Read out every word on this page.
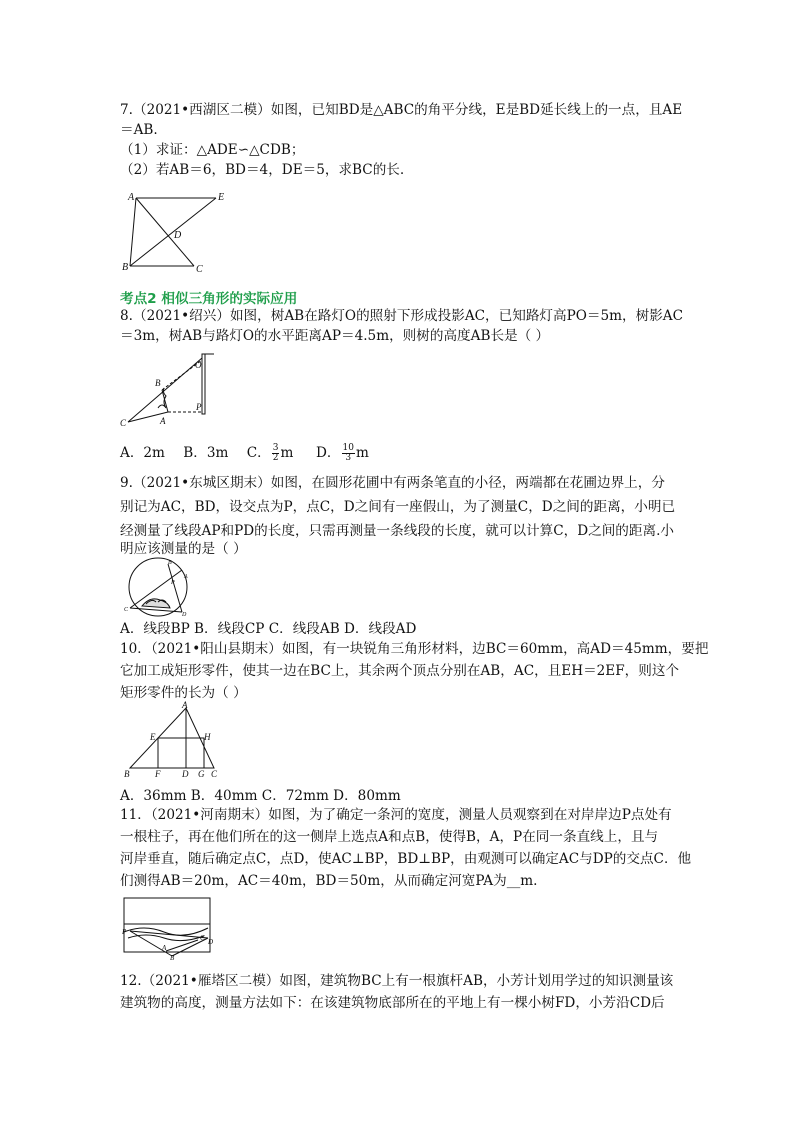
7.（2021•西湖区二模）如图，已知BD是△ABC的角平分线，E是BD延长线上的一点，且AE
＝AB.
（1）求证：△ADE∽△CDB；
（2）若AB＝6，BD＝4，DE＝5，求BC的长.
A	E
D
B	C
考点2 相似三角形的实际应用
8.（2021•绍兴）如图，树AB在路灯O的照射下形成投影AC，已知路灯高PO＝5m，树影AC
＝3m，树AB与路灯O的水平距离AP＝4.5m，则树的高度AB长是（ ）
O
B
P
C	A
A．2m B．3m C． $\frac{3}{2}$ m D． $\frac{10}{3}$ m
9.（2021•东城区期末）如图，在圆形花圃中有两条笔直的小径，两端都在花圃边界上，分
别记为AC，BD，设交点为P，点C，D之间有一座假山，为了测量C，D之间的距离，小明已
经测量了线段AP和PD的长度，只需再测量一条线段的长度，就可以计算C，D之间的距离.小
明应该测量的是（ ）
B
P
A
C
D
A．线段BP B．线段CP C．线段AB D．线段AD
10．（2021•阳山县期末）如图，有一块锐角三角形材料，边BC＝60mm，高AD＝45mm，要把
它加工成矩形零件，使其一边在BC上，其余两个顶点分别在AB，AC，且EH＝2EF，则这个
矩形零件的长为（ ）
A
E	H
B	F D G C
A．36mm B．40mm C．72mm D．80mm
11．（2021•河南期末）如图，为了确定一条河的宽度，测量人员观察到在对岸岸边P点处有
一根柱子，再在他们所在的这一侧岸上选点A和点B，使得B，A，P在同一条直线上，且与
河岸垂直，随后确定点C，点D，使AC⊥BP，BD⊥BP，由观测可以确定AC与DP的交点C．他
们测得AB＝20m，AC＝40m，BD＝50m，从而确定河宽PA为__m.
P
C D
A
B
12.（2021•雁塔区二模）如图，建筑物BC上有一根旗杆AB，小芳计划用学过的知识测量该
建筑物的高度，测量方法如下：在该建筑物底部所在的平地上有一棵小树FD，小芳沿CD后
